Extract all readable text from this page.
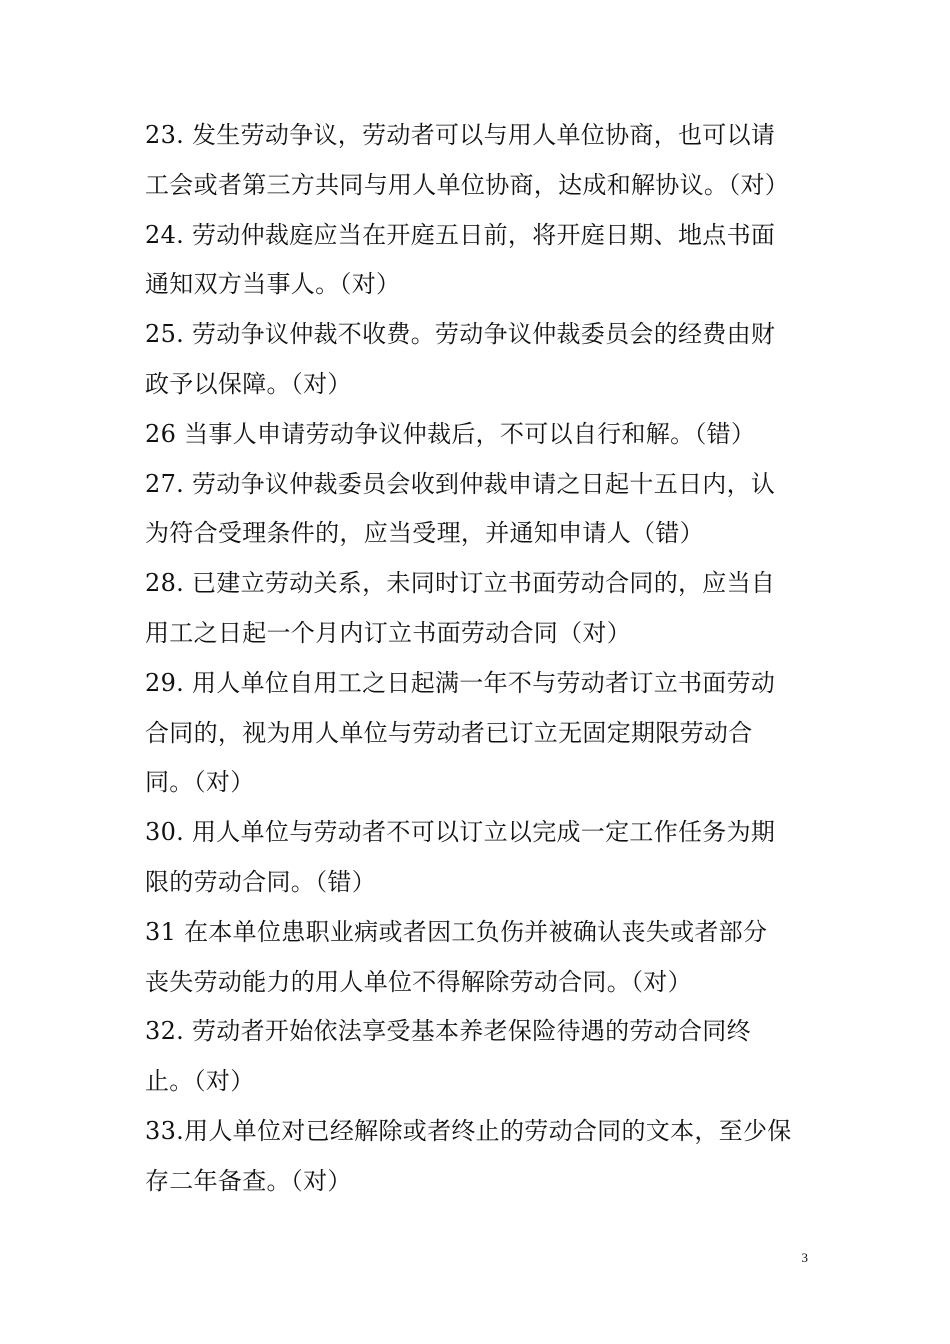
23. 发生劳动争议，劳动者可以与用人单位协商，也可以请
工会或者第三方共同与用人单位协商，达成和解协议。（对）
24. 劳动仲裁庭应当在开庭五日前，将开庭日期、地点书面
通知双方当事人。（对）
25. 劳动争议仲裁不收费。劳动争议仲裁委员会的经费由财
政予以保障。（对）
26 当事人申请劳动争议仲裁后，不可以自行和解。（错）
27. 劳动争议仲裁委员会收到仲裁申请之日起十五日内，认
为符合受理条件的，应当受理，并通知申请人（错）
28. 已建立劳动关系，未同时订立书面劳动合同的，应当自
用工之日起一个月内订立书面劳动合同（对）
29. 用人单位自用工之日起满一年不与劳动者订立书面劳动
合同的，视为用人单位与劳动者已订立无固定期限劳动合
同。（对）
30. 用人单位与劳动者不可以订立以完成一定工作任务为期
限的劳动合同。（错）
31 在本单位患职业病或者因工负伤并被确认丧失或者部分
丧失劳动能力的用人单位不得解除劳动合同。（对）
32. 劳动者开始依法享受基本养老保险待遇的劳动合同终
止。（对）
33.用人单位对已经解除或者终止的劳动合同的文本，至少保
存二年备查。（对）
3
